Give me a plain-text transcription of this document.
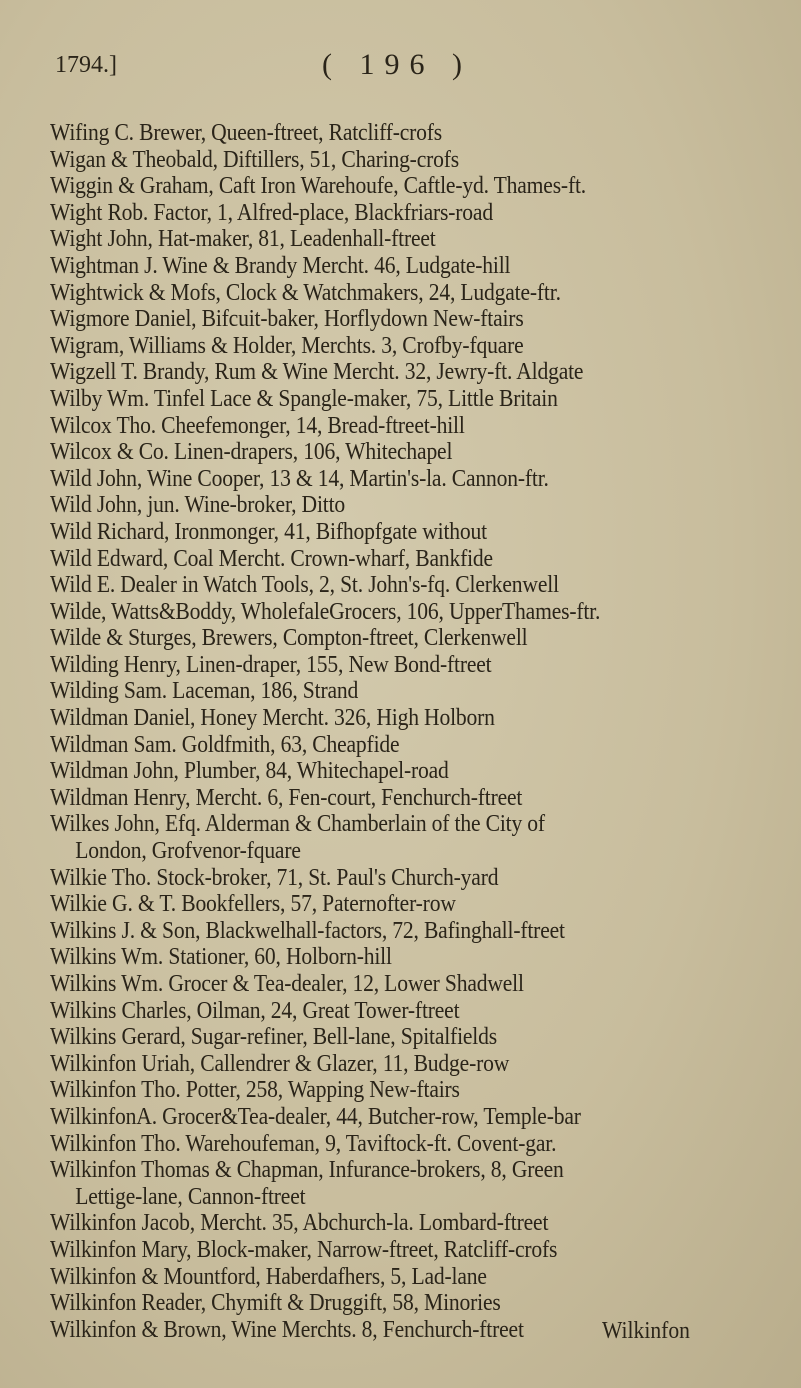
1794.]	( 196 )
Wifing C. Brewer, Queen-ftreet, Ratcliff-crofs
Wigan & Theobald, Diftillers, 51, Charing-crofs
Wiggin & Graham, Caft Iron Warehoufe, Caftle-yd. Thames-ft.
Wight Rob. Factor, 1, Alfred-place, Blackfriars-road
Wight John, Hat-maker, 81, Leadenhall-ftreet
Wightman J. Wine & Brandy Mercht. 46, Ludgate-hill
Wightwick & Mofs, Clock & Watchmakers, 24, Ludgate-ftr.
Wigmore Daniel, Bifcuit-baker, Horflydown New-ftairs
Wigram, Williams & Holder, Merchts. 3, Crofby-fquare
Wigzell T. Brandy, Rum & Wine Mercht. 32, Jewry-ft. Aldgate
Wilby Wm. Tinfel Lace & Spangle-maker, 75, Little Britain
Wilcox Tho. Cheefemonger, 14, Bread-ftreet-hill
Wilcox & Co. Linen-drapers, 106, Whitechapel
Wild John, Wine Cooper, 13 & 14, Martin's-la. Cannon-ftr.
Wild John, jun. Wine-broker, Ditto
Wild Richard, Ironmonger, 41, Bifhopfgate without
Wild Edward, Coal Mercht. Crown-wharf, Bankfide
Wild E. Dealer in Watch Tools, 2, St. John's-fq. Clerkenwell
Wilde, Watts&Boddy, WholefaleGrocers, 106, UpperThames-ftr.
Wilde & Sturges, Brewers, Compton-ftreet, Clerkenwell
Wilding Henry, Linen-draper, 155, New Bond-ftreet
Wilding Sam. Laceman, 186, Strand
Wildman Daniel, Honey Mercht. 326, High Holborn
Wildman Sam. Goldfmith, 63, Cheapfide
Wildman John, Plumber, 84, Whitechapel-road
Wildman Henry, Mercht. 6, Fen-court, Fenchurch-ftreet
Wilkes John, Efq. Alderman & Chamberlain of the City of
London, Grofvenor-fquare
Wilkie Tho. Stock-broker, 71, St. Paul's Church-yard
Wilkie G. & T. Bookfellers, 57, Paternofter-row
Wilkins J. & Son, Blackwelhall-factors, 72, Bafinghall-ftreet
Wilkins Wm. Stationer, 60, Holborn-hill
Wilkins Wm. Grocer & Tea-dealer, 12, Lower Shadwell
Wilkins Charles, Oilman, 24, Great Tower-ftreet
Wilkins Gerard, Sugar-refiner, Bell-lane, Spitalfields
Wilkinfon Uriah, Callendrer & Glazer, 11, Budge-row
Wilkinfon Tho. Potter, 258, Wapping New-ftairs
WilkinfonA. Grocer&Tea-dealer, 44, Butcher-row, Temple-bar
Wilkinfon Tho. Warehoufeman, 9, Taviftock-ft. Covent-gar.
Wilkinfon Thomas & Chapman, Infurance-brokers, 8, Green
Lettige-lane, Cannon-ftreet
Wilkinfon Jacob, Mercht. 35, Abchurch-la. Lombard-ftreet
Wilkinfon Mary, Block-maker, Narrow-ftreet, Ratcliff-crofs
Wilkinfon & Mountford, Haberdafhers, 5, Lad-lane
Wilkinfon Reader, Chymift & Druggift, 58, Minories
Wilkinfon & Brown, Wine Merchts. 8, Fenchurch-ftreet	Wilkinfon
